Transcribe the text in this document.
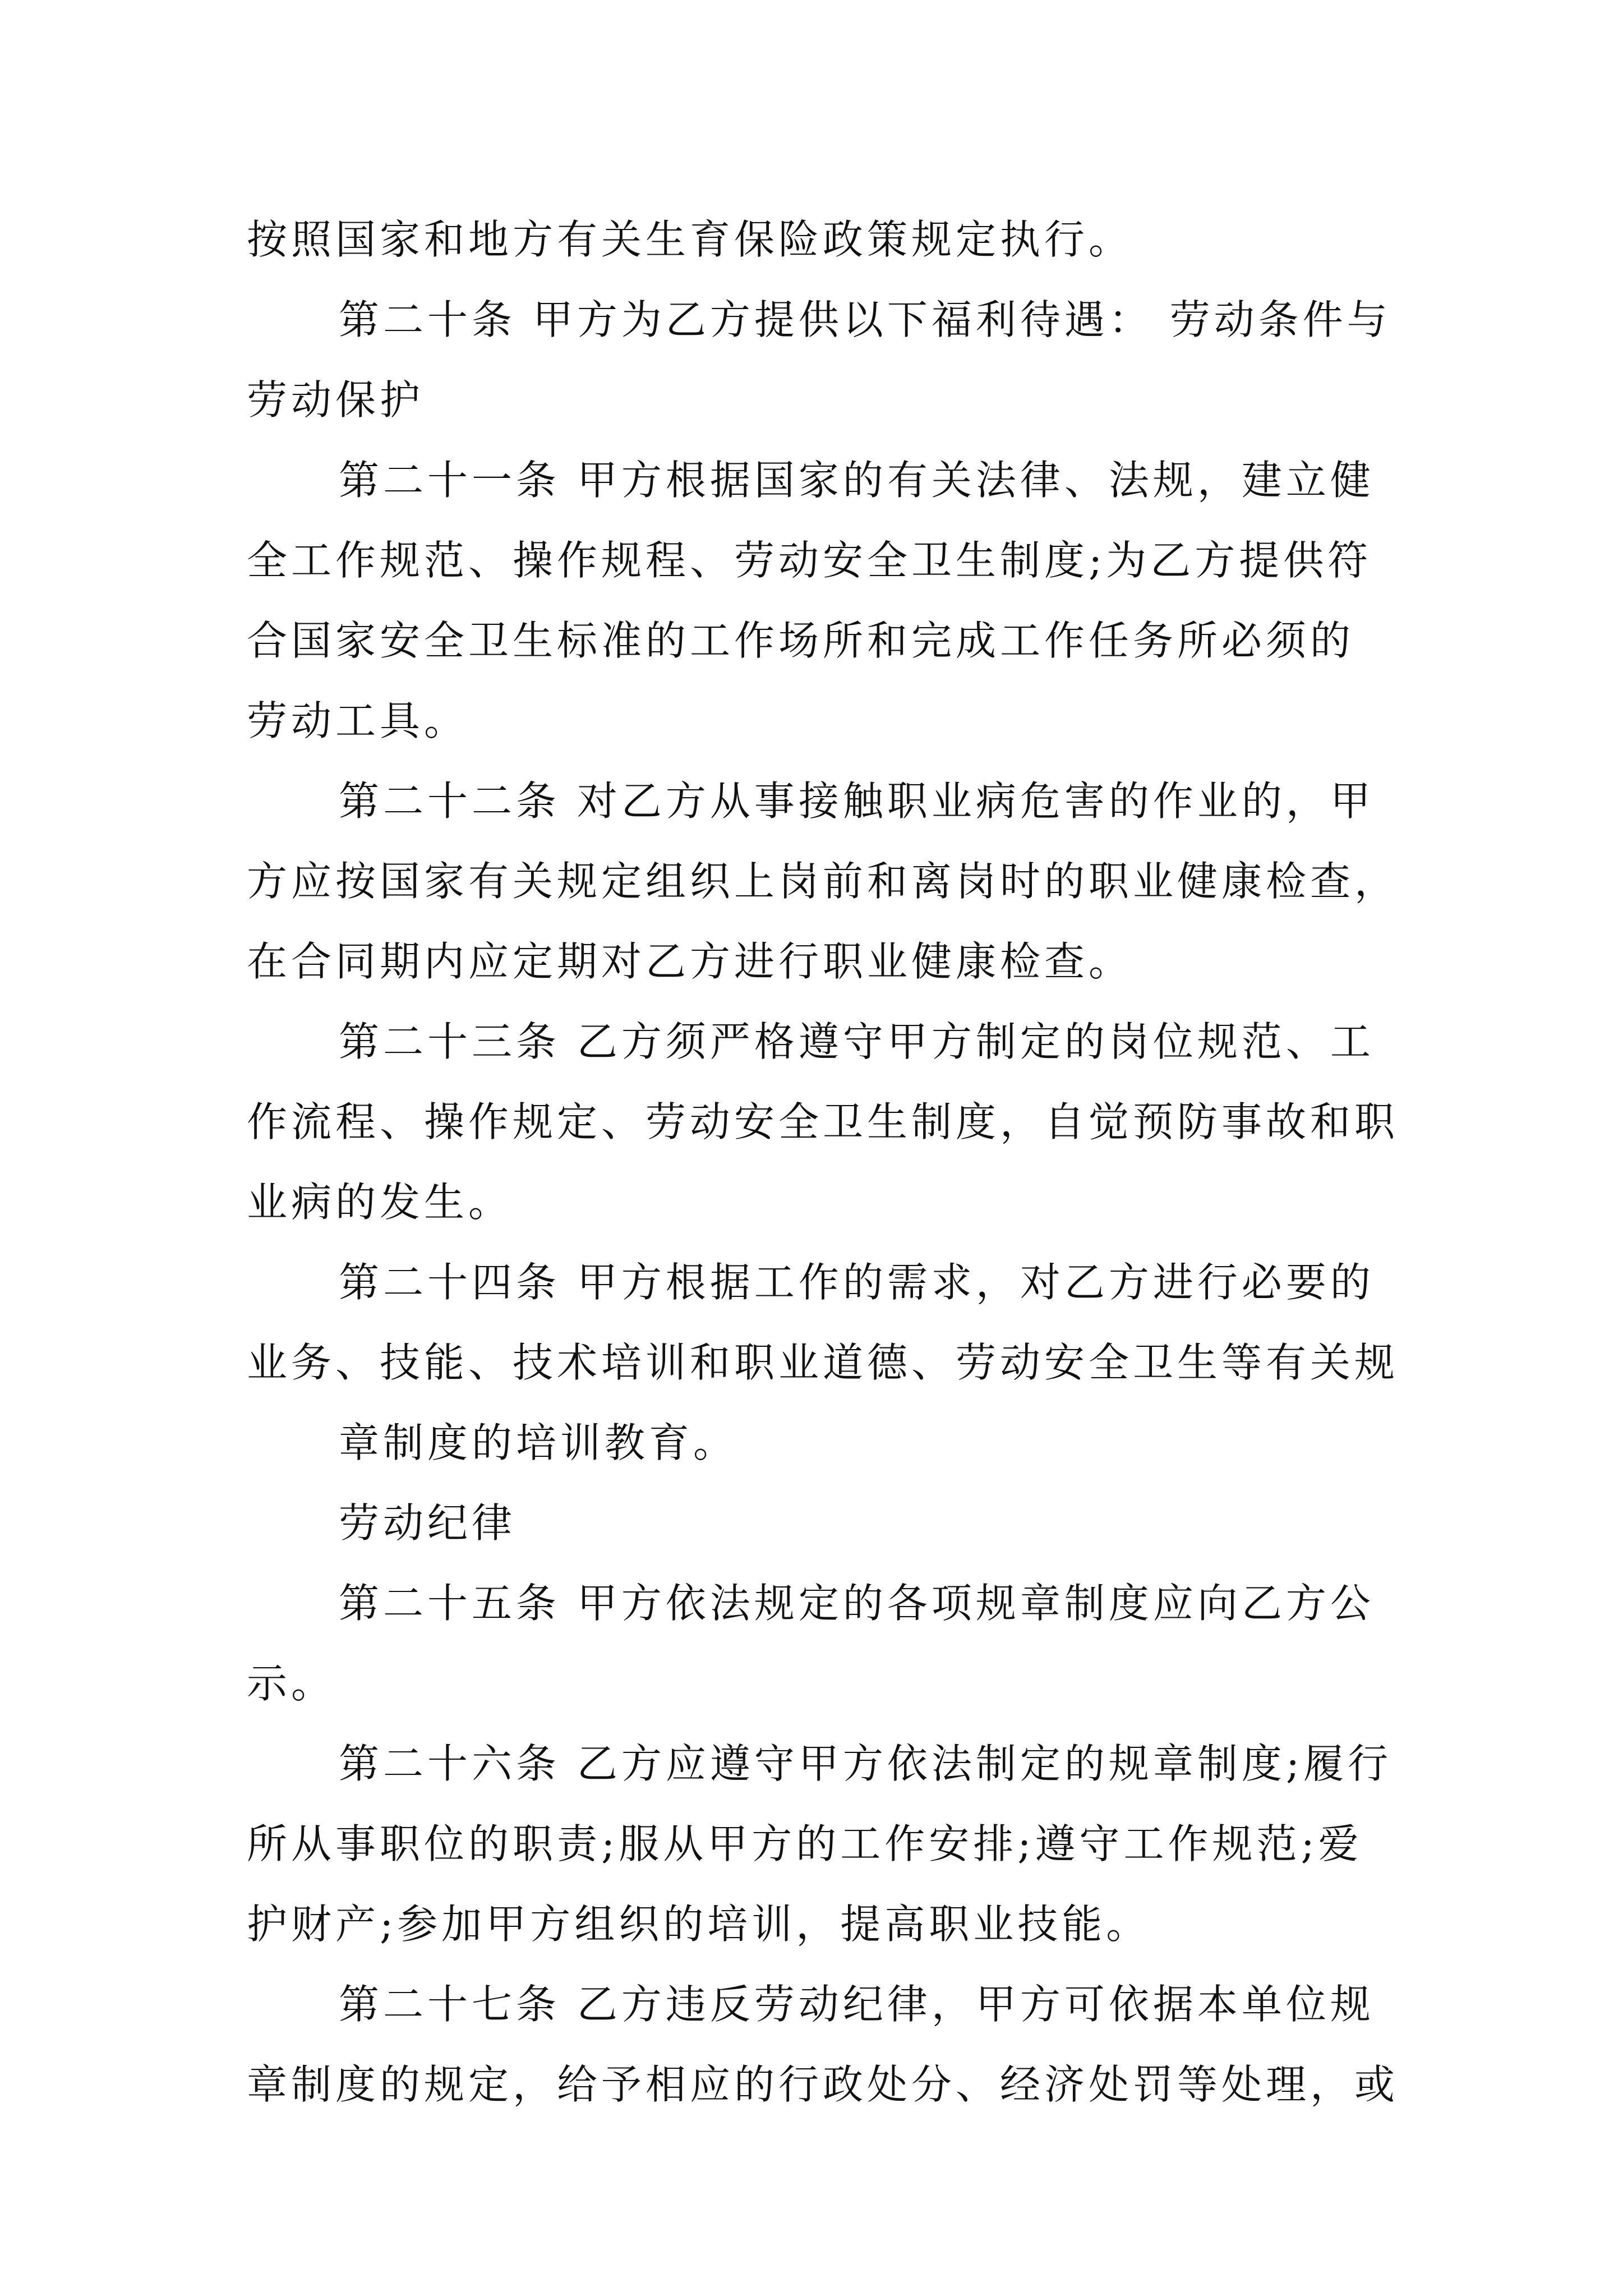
按照国家和地方有关生育保险政策规定执行。

第二十条 甲方为乙方提供以下福利待遇： 劳动条件与

劳动保护

第二十一条 甲方根据国家的有关法律、法规，建立健

全工作规范、操作规程、劳动安全卫生制度;为乙方提供符

合国家安全卫生标准的工作场所和完成工作任务所必须的

劳动工具。

第二十二条 对乙方从事接触职业病危害的作业的，甲

方应按国家有关规定组织上岗前和离岗时的职业健康检查，

在合同期内应定期对乙方进行职业健康检查。

第二十三条 乙方须严格遵守甲方制定的岗位规范、工

作流程、操作规定、劳动安全卫生制度，自觉预防事故和职

业病的发生。

第二十四条 甲方根据工作的需求，对乙方进行必要的

业务、技能、技术培训和职业道德、劳动安全卫生等有关规

章制度的培训教育。

劳动纪律

第二十五条 甲方依法规定的各项规章制度应向乙方公

示。

第二十六条 乙方应遵守甲方依法制定的规章制度;履行

所从事职位的职责;服从甲方的工作安排;遵守工作规范;爱

护财产;参加甲方组织的培训，提高职业技能。

第二十七条 乙方违反劳动纪律，甲方可依据本单位规

章制度的规定，给予相应的行政处分、经济处罚等处理，或
